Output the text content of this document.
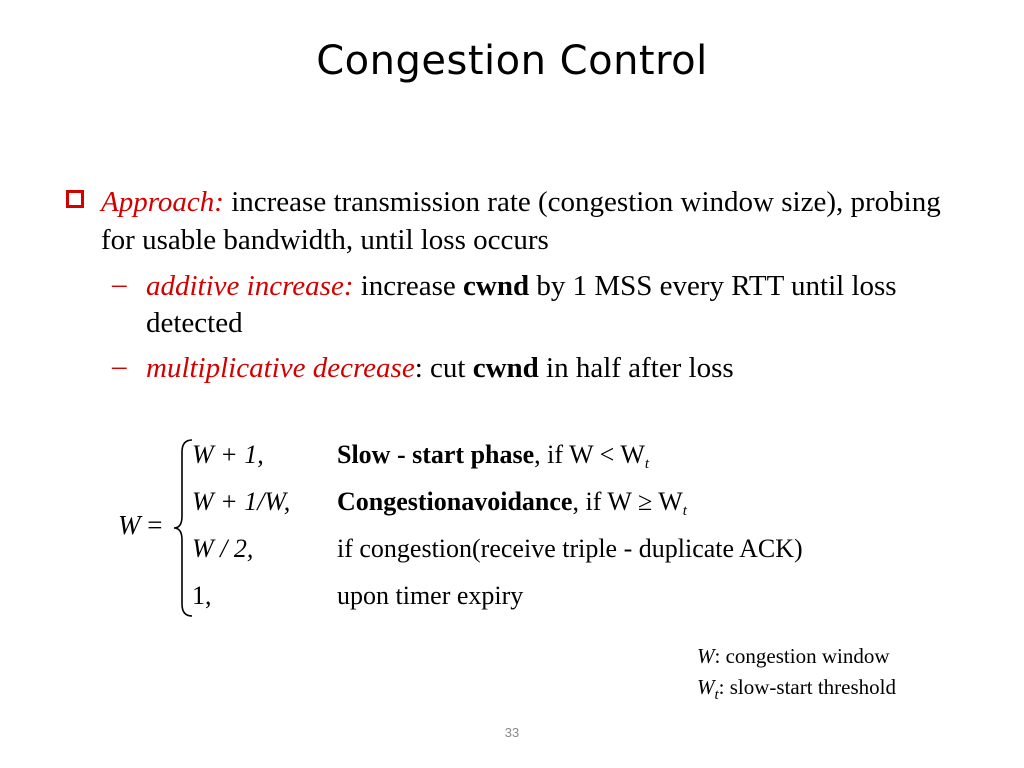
Congestion Control
Approach: increase transmission rate (congestion window size), probing for usable bandwidth, until loss occurs
– additive increase: increase cwnd by 1 MSS every RTT until loss detected
– multiplicative decrease: cut cwnd in half after loss
W =
W + 1,	Slow - start phase, if $W < W_t$
W + 1/W, Congestionavoidance, if $W \ge W_t$
W / 2,	if congestion(receive triple - duplicate ACK)
1,	upon timer expiry
W: congestion window
$W_t$: slow-start threshold
33
